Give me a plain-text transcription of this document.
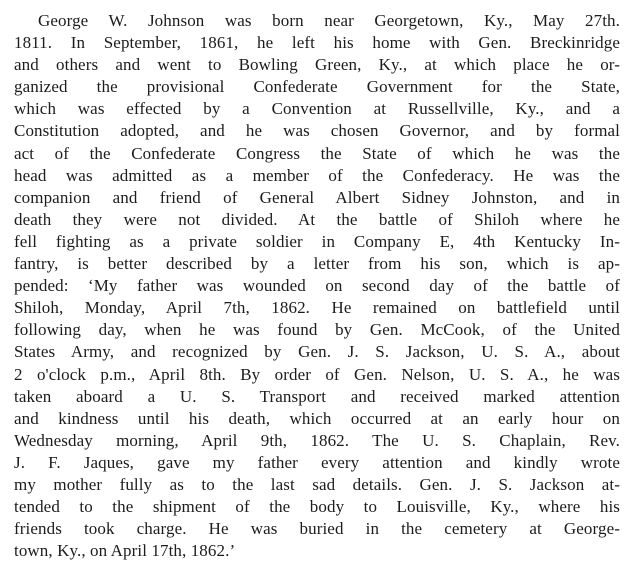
George W. Johnson was born near Georgetown, Ky., May 27th.
1811. In September, 1861, he left his home with Gen. Breckinridge
and others and went to Bowling Green, Ky., at which place he or-
ganized the provisional Confederate Government for the State,
which was effected by a Convention at Russellville, Ky., and a
Constitution adopted, and he was chosen Governor, and by formal
act of the Confederate Congress the State of which he was the
head was admitted as a member of the Confederacy. He was the
companion and friend of General Albert Sidney Johnston, and in
death they were not divided. At the battle of Shiloh where he
fell fighting as a private soldier in Company E, 4th Kentucky In-
fantry, is better described by a letter from his son, which is ap-
pended: ‘My father was wounded on second day of the battle of
Shiloh, Monday, April 7th, 1862. He remained on battlefield until
following day, when he was found by Gen. McCook, of the United
States Army, and recognized by Gen. J. S. Jackson, U. S. A., about
2 o'clock p.m., April 8th. By order of Gen. Nelson, U. S. A., he was
taken aboard a U. S. Transport and received marked attention
and kindness until his death, which occurred at an early hour on
Wednesday morning, April 9th, 1862. The U. S. Chaplain, Rev.
J. F. Jaques, gave my father every attention and kindly wrote
my mother fully as to the last sad details. Gen. J. S. Jackson at-
tended to the shipment of the body to Louisville, Ky., where his
friends took charge. He was buried in the cemetery at George-
town, Ky., on April 17th, 1862.’
